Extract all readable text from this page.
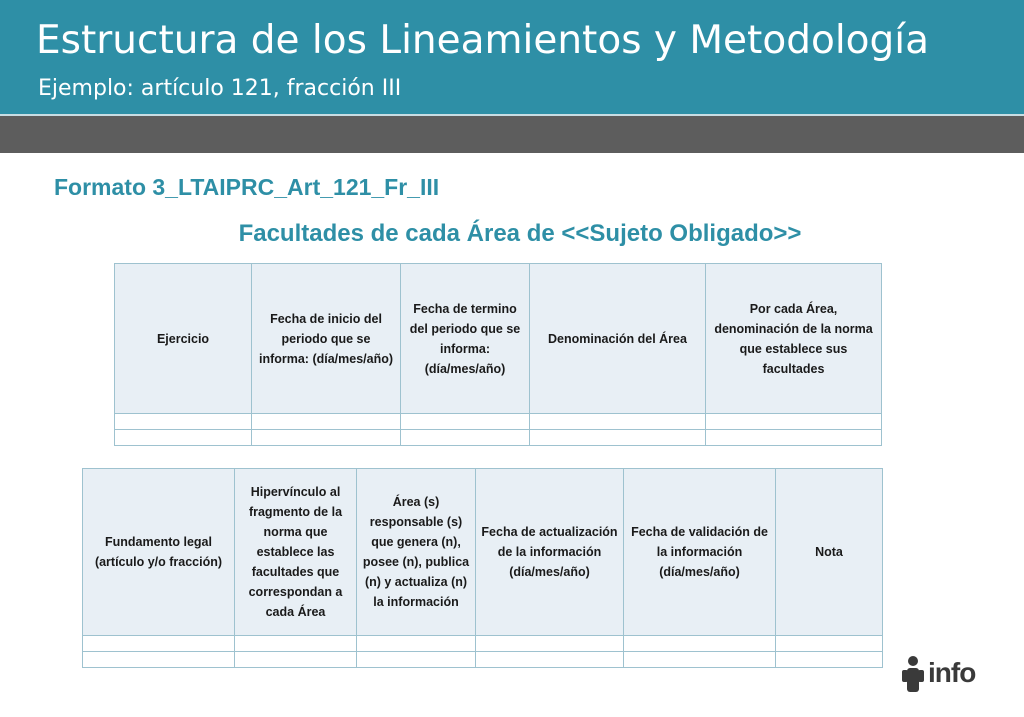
Estructura de los Lineamientos y Metodología
Ejemplo: artículo 121, fracción III
Formato 3_LTAIPRC_Art_121_Fr_III
Facultades de cada Área de <<Sujeto Obligado>>
Ejercicio	Fecha de inicio del periodo que se informa: (día/mes/año)	Fecha de termino del periodo que se informa: (día/mes/año)	Denominación del Área	Por cada Área, denominación de la norma que establece sus facultades

Fundamento legal (artículo y/o fracción)	Hipervínculo al fragmento de la norma que establece las facultades que correspondan a cada Área	Área (s) responsable (s) que genera (n), posee (n), publica (n) y actualiza (n) la información	Fecha de actualización de la información (día/mes/año)	Fecha de validación de la información (día/mes/año)	Nota

info
